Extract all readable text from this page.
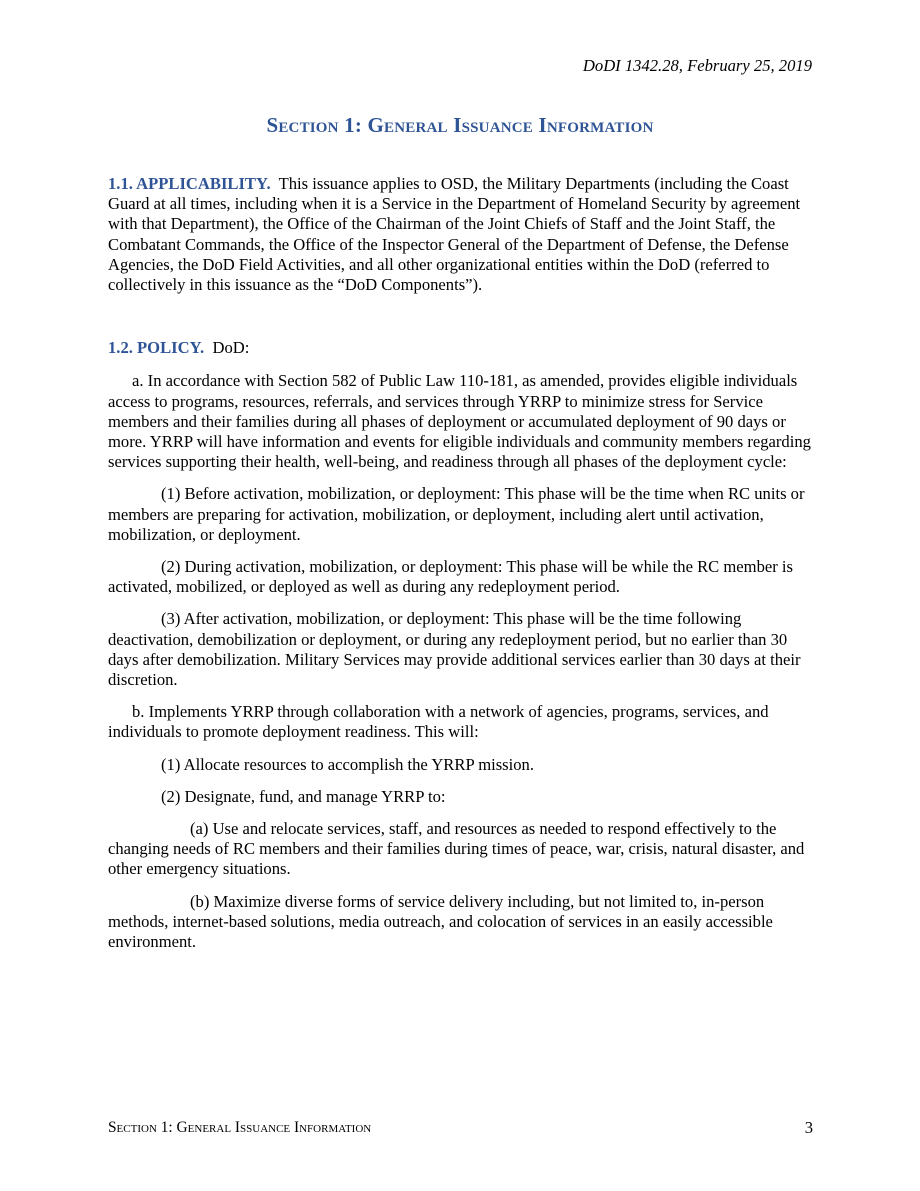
DoDI 1342.28, February 25, 2019
Section 1: General Issuance Information

1.1. APPLICABILITY. This issuance applies to OSD, the Military Departments (including the Coast Guard at all times, including when it is a Service in the Department of Homeland Security by agreement with that Department), the Office of the Chairman of the Joint Chiefs of Staff and the Joint Staff, the Combatant Commands, the Office of the Inspector General of the Department of Defense, the Defense Agencies, the DoD Field Activities, and all other organizational entities within the DoD (referred to collectively in this issuance as the “DoD Components”).

1.2. POLICY. DoD:

a. In accordance with Section 582 of Public Law 110-181, as amended, provides eligible individuals access to programs, resources, referrals, and services through YRRP to minimize stress for Service members and their families during all phases of deployment or accumulated deployment of 90 days or more. YRRP will have information and events for eligible individuals and community members regarding services supporting their health, well-being, and readiness through all phases of the deployment cycle:

(1) Before activation, mobilization, or deployment: This phase will be the time when RC units or members are preparing for activation, mobilization, or deployment, including alert until activation, mobilization, or deployment.

(2) During activation, mobilization, or deployment: This phase will be while the RC member is activated, mobilized, or deployed as well as during any redeployment period.

(3) After activation, mobilization, or deployment: This phase will be the time following deactivation, demobilization or deployment, or during any redeployment period, but no earlier than 30 days after demobilization. Military Services may provide additional services earlier than 30 days at their discretion.

b. Implements YRRP through collaboration with a network of agencies, programs, services, and individuals to promote deployment readiness. This will:

(1) Allocate resources to accomplish the YRRP mission.

(2) Designate, fund, and manage YRRP to:

(a) Use and relocate services, staff, and resources as needed to respond effectively to the changing needs of RC members and their families during times of peace, war, crisis, natural disaster, and other emergency situations.

(b) Maximize diverse forms of service delivery including, but not limited to, in-person methods, internet-based solutions, media outreach, and colocation of services in an easily accessible environment.

Section 1: General Issuance Information	3
